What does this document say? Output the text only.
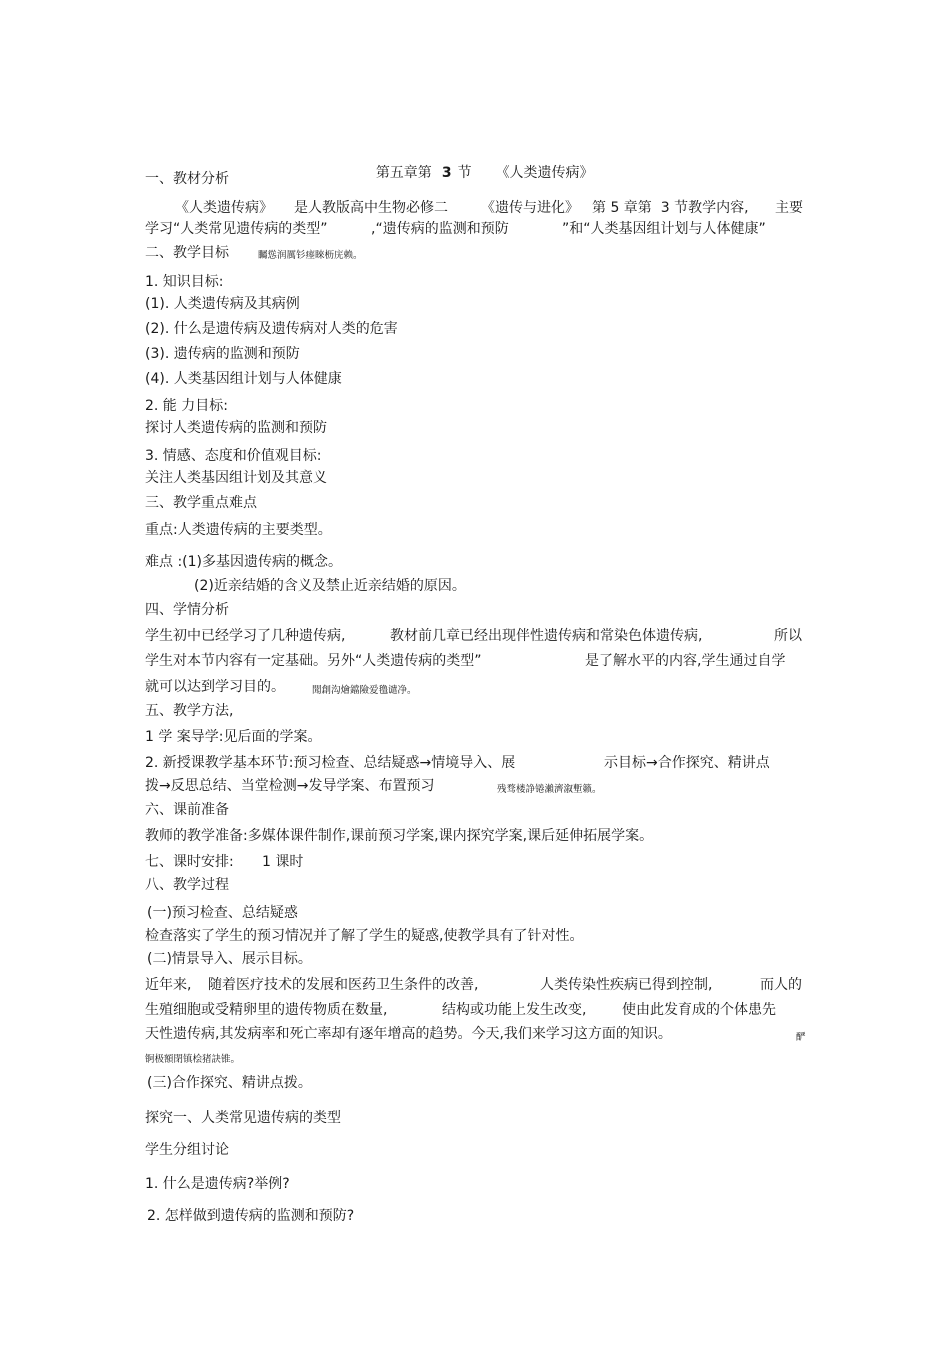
第五章第 3 节 《人类遗传病》

一、教材分析
《人类遗传病》 是人教版高中生物必修二 《遗传与进化》 第 5 章第  3 节教学内容, 主要
学习“人类常见遗传病的类型”	,“遗传病的监测和预防	”和“人类基因组计划与人体健康”
二、教学目标	矚慫润厲钐瘗睞枥庑赖。
1. 知识目标:
(1). 人类遗传病及其病例
(2). 什么是遗传病及遗传病对人类的危害
(3). 遗传病的监测和预防
(4). 人类基因组计划与人体健康
2. 能 力目标:
探讨人类遗传病的监测和预防
3. 情感、态度和价值观目标:
关注人类基因组计划及其意义
三、教学重点难点
重点:人类遗传病的主要类型。
难点 :(1)多基因遗传病的概念。
(2)近亲结婚的含义及禁止近亲结婚的原因。
四、学情分析
学生初中已经学习了几种遗传病,	教材前几章已经出现伴性遗传病和常染色体遗传病,	所以
学生对本节内容有一定基础。另外“人类遗传病的类型”	是了解水平的内容,学生通过自学
就可以达到学习目的。	聞創沟燴鐺險爱氇谴净。
五、教学方法,
1 学 案导学:见后面的学案。
2. 新授课教学基本环节:预习检查、总结疑惑→情境导入、展	示目标→合作探究、精讲点
拨→反思总结、当堂检测→发导学案、布置预习	残骛楼諍锩瀨濟溆塹籟。
六、课前准备
教师的教学准备:多媒体课件制作,课前预习学案,课内探究学案,课后延伸拓展学案。
七、课时安排: 1 课时
八、教学过程
(一)预习检查、总结疑惑
检查落实了学生的预习情况并了解了学生的疑惑,使教学具有了针对性。
(二)情景导入、展示目标。
近年来, 随着医疗技术的发展和医药卫生条件的改善,	人类传染性疾病已得到控制,	而人的
生殖细胞或受精卵里的遗传物质在数量,	结构或功能上发生改变,	使由此发育成的个体患先
天性遗传病,其发病率和死亡率却有逐年增高的趋势。今天,我们来学习这方面的知识。	酽
锕极額閉镇桧猪訣锥。
(三)合作探究、精讲点拨。
探究一、人类常见遗传病的类型
学生分组讨论
1. 什么是遗传病?举例?
2. 怎样做到遗传病的监测和预防?
